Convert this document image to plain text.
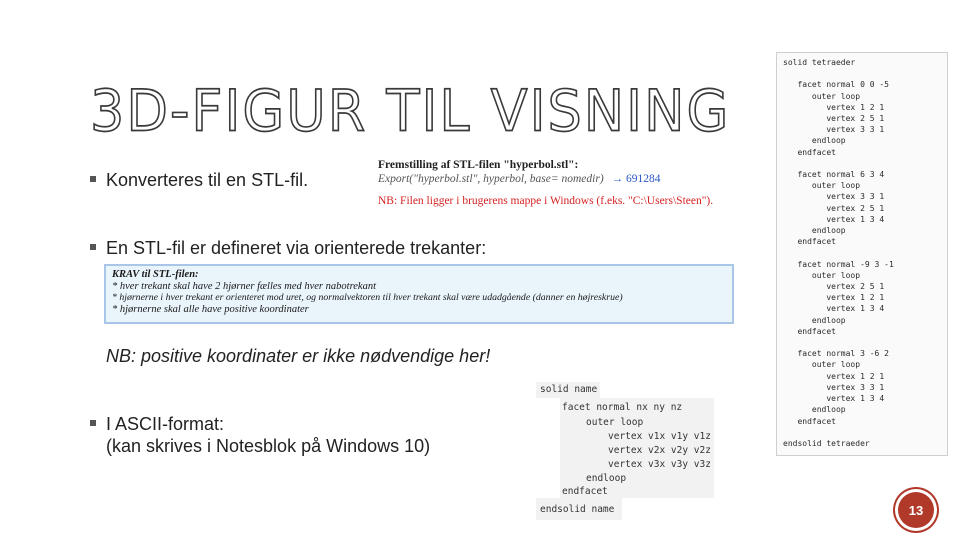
3D-FIGUR TIL VISNING
Konverteres til en STL-fil.
Fremstilling af STL-filen "hyperbol.stl":
Export("hyperbol.stl", hyperbol, base= nomedir) → 691284
NB: Filen ligger i brugerens mappe i Windows (f.eks. "C:\Users\Steen").
En STL-fil er defineret via orienterede trekanter:
KRAV til STL-filen:
* hver trekant skal have 2 hjørner fælles med hver nabotrekant
* hjørnerne i hver trekant er orienteret mod uret, og normalvektoren til hver trekant skal være udadgående (danner en højreskrue)
* hjørnerne skal alle have positive koordinater
NB: positive koordinater er ikke nødvendige her!
I ASCII-format:
(kan skrives i Notesblok på Windows 10)
solid name
facet normal nx ny nz
outer loop
vertex v1x v1y v1z
vertex v2x v2y v2z
vertex v3x v3y v3z
endloop
endfacet
endsolid name
solid tetraeder

facet normal 0 0 -5
outer loop
vertex 1 2 1
vertex 2 5 1
vertex 3 3 1
endloop
endfacet

facet normal 6 3 4
outer loop
vertex 3 3 1
vertex 2 5 1
vertex 1 3 4
endloop
endfacet

facet normal -9 3 -1
outer loop
vertex 2 5 1
vertex 1 2 1
vertex 1 3 4
endloop
endfacet

facet normal 3 -6 2
outer loop
vertex 1 2 1
vertex 3 3 1
vertex 1 3 4
endloop
endfacet

endsolid tetraeder
13
